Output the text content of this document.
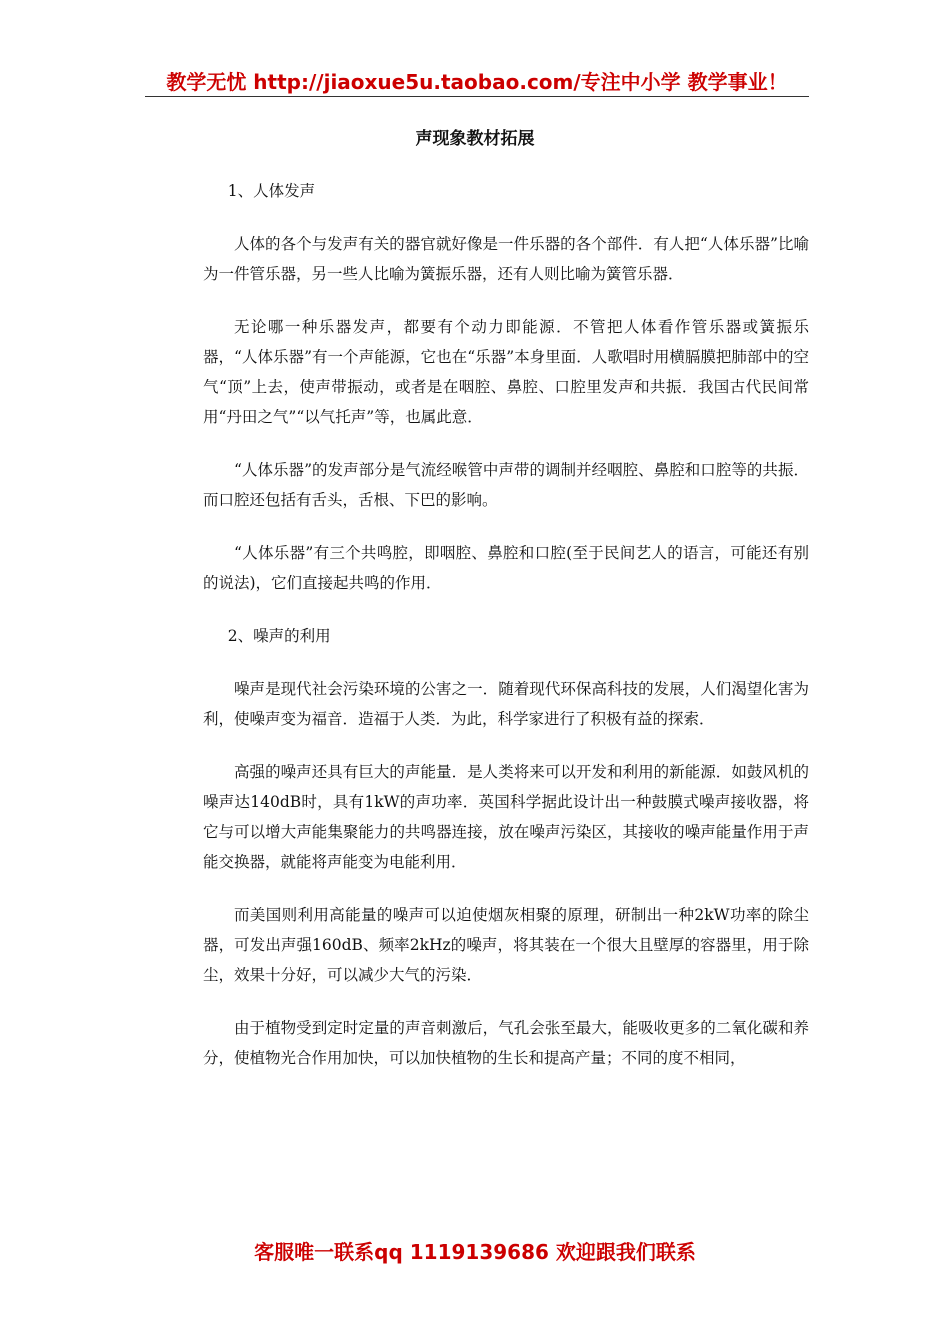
教学无忧 http://jiaoxue5u.taobao.com/专注中小学 教学事业！
声现象教材拓展

1、人体发声

人体的各个与发声有关的器官就好像是一件乐器的各个部件．有人把“人体乐器”比喻为一件管乐器，另一些人比喻为簧振乐器，还有人则比喻为簧管乐器．

无论哪一种乐器发声，都要有个动力即能源．不管把人体看作管乐器或簧振乐器，“人体乐器”有一个声能源，它也在“乐器”本身里面．人歌唱时用横膈膜把肺部中的空气“顶”上去，使声带振动，或者是在咽腔、鼻腔、口腔里发声和共振．我国古代民间常用“丹田之气”“以气托声”等，也属此意．

“人体乐器”的发声部分是气流经喉管中声带的调制并经咽腔、鼻腔和口腔等的共振．而口腔还包括有舌头，舌根、下巴的影响。

“人体乐器”有三个共鸣腔，即咽腔、鼻腔和口腔(至于民间艺人的语言，可能还有别的说法)，它们直接起共鸣的作用．

2、噪声的利用

噪声是现代社会污染环境的公害之一．随着现代环保高科技的发展，人们渴望化害为利，使噪声变为福音．造福于人类．为此，科学家进行了积极有益的探索．

高强的噪声还具有巨大的声能量．是人类将来可以开发和利用的新能源．如鼓风机的噪声达140dB时，具有1kW的声功率．英国科学据此设计出一种鼓膜式噪声接收器，将它与可以增大声能集聚能力的共鸣器连接，放在噪声污染区，其接收的噪声能量作用于声能交换器，就能将声能变为电能利用．

而美国则利用高能量的噪声可以迫使烟灰相聚的原理，研制出一种2kW功率的除尘器，可发出声强160dB、频率2kHz的噪声，将其装在一个很大且壁厚的容器里，用于除尘，效果十分好，可以减少大气的污染．

由于植物受到定时定量的声音刺激后，气孔会张至最大，能吸收更多的二氧化碳和养分，使植物光合作用加快，可以加快植物的生长和提高产量；不同的度不相同，

客服唯一联系qq 1119139686 欢迎跟我们联系
